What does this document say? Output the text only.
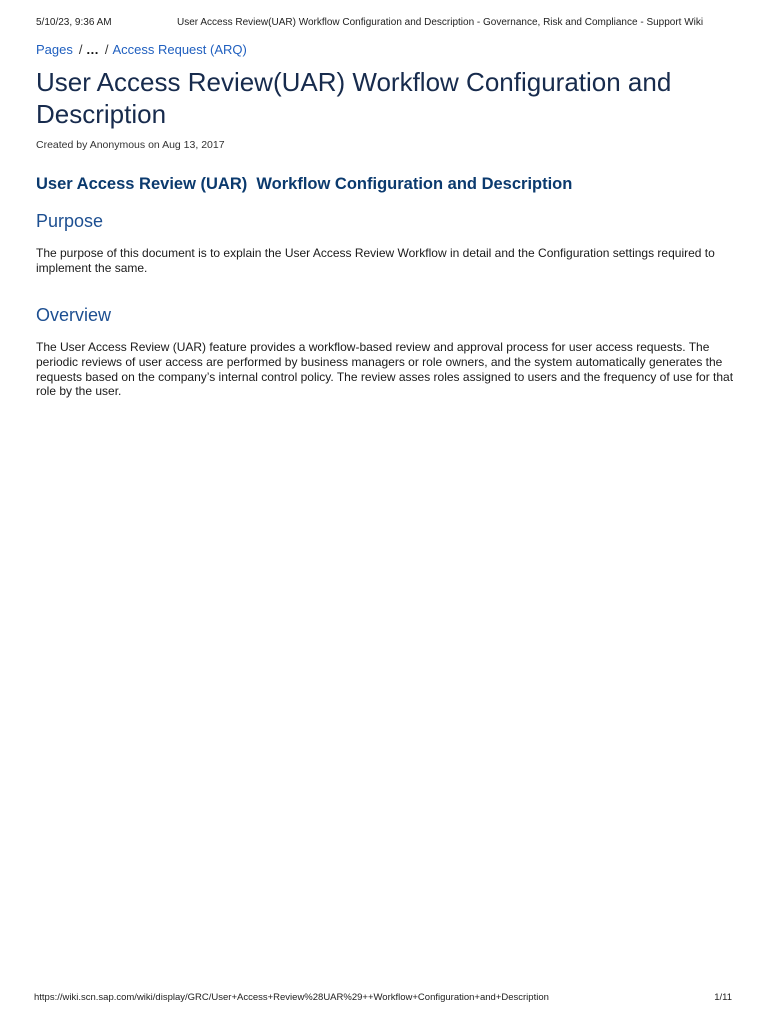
5/10/23, 9:36 AM	User Access Review(UAR) Workflow Configuration and Description - Governance, Risk and Compliance - Support Wiki
Pages / ... / Access Request (ARQ)
User Access Review(UAR) Workflow Configuration and Description
Created by Anonymous on Aug 13, 2017
User Access Review (UAR)  Workflow Configuration and Description
Purpose

The purpose of this document is to explain the User Access Review Workflow in detail and the Configuration settings required to implement the same.

Overview

The User Access Review (UAR) feature provides a workflow-based review and approval process for user access requests. The periodic reviews of user access are performed by business managers or role owners, and the system automatically generates the requests based on the company’s internal control policy. The review asses roles assigned to users and the frequency of use for that role by the user.

https://wiki.scn.sap.com/wiki/display/GRC/User+Access+Review%28UAR%29++Workflow+Configuration+and+Description	1/11
